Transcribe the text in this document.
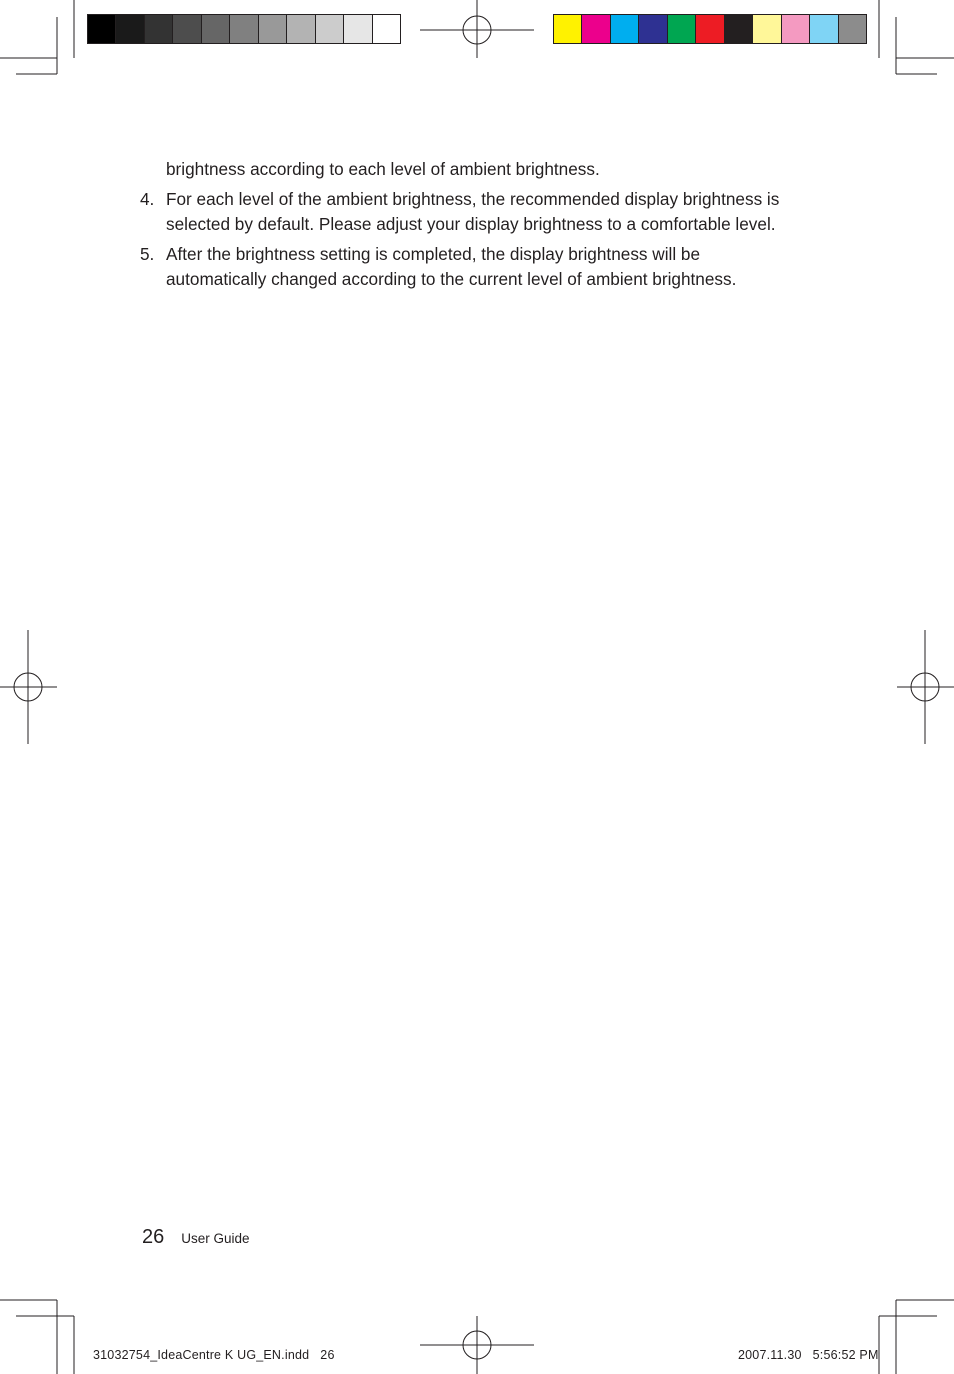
brightness according to each level of ambient brightness.

4. For each level of the ambient brightness, the recommended display brightness is selected by default. Please adjust your display brightness to a comfortable level.
5. After the brightness setting is completed, the display brightness will be automatically changed according to the current level of ambient brightness.
26 User Guide
31032754_IdeaCentre K UG_EN.indd   26	2007.11.30   5:56:52 PM
